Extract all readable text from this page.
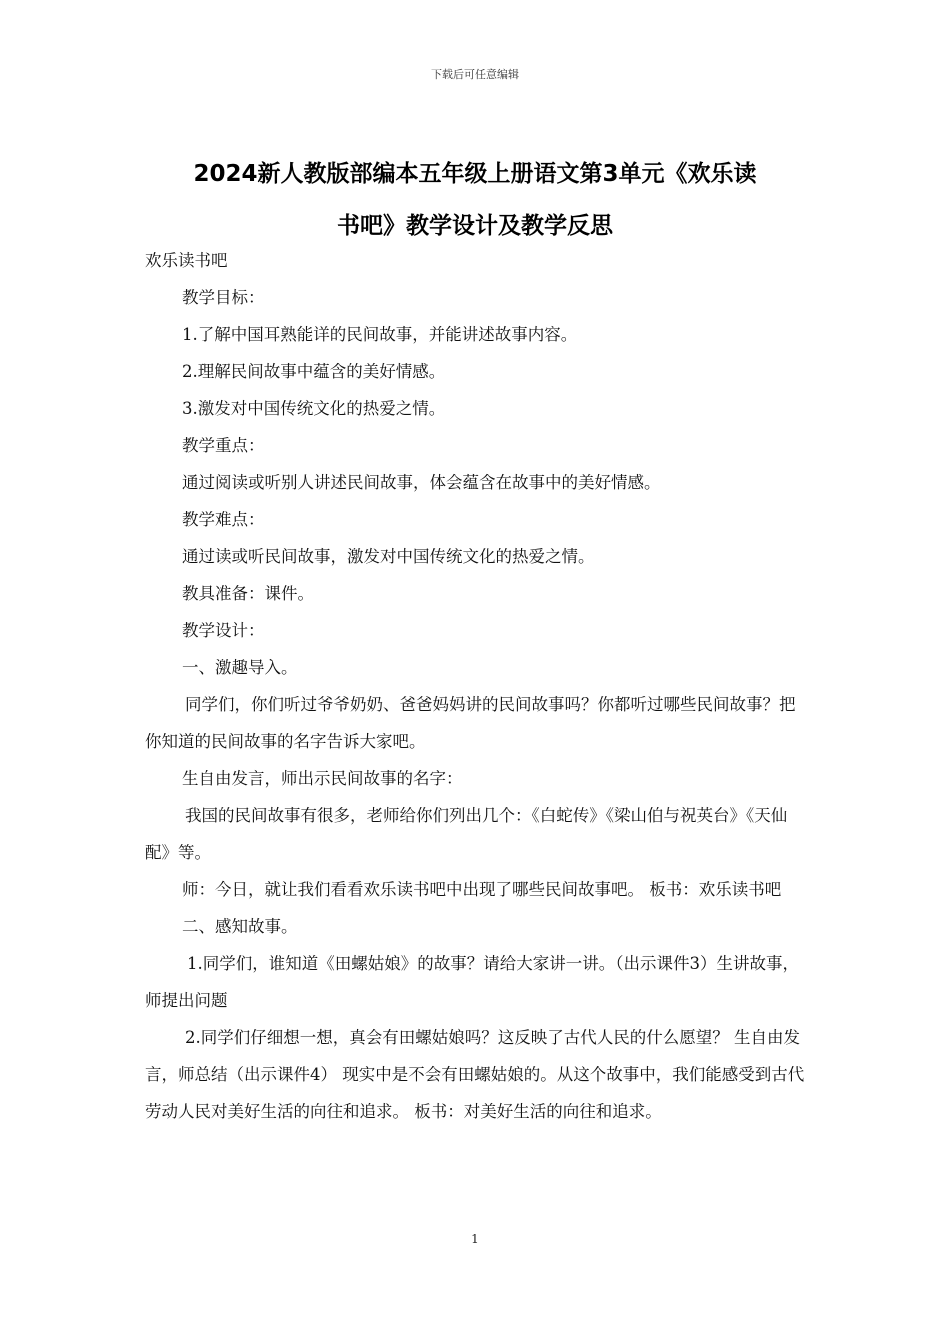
下载后可任意编辑
2024新人教版部编本五年级上册语文第3单元《欢乐读
书吧》教学设计及教学反思

欢乐读书吧

教学目标：

1.了解中国耳熟能详的民间故事，并能讲述故事内容。

2.理解民间故事中蕴含的美好情感。

3.激发对中国传统文化的热爱之情。

教学重点：

通过阅读或听别人讲述民间故事，体会蕴含在故事中的美好情感。

教学难点：

通过读或听民间故事，激发对中国传统文化的热爱之情。

教具准备：课件。

教学设计：

一、激趣导入。

同学们，你们听过爷爷奶奶、爸爸妈妈讲的民间故事吗？你都听过哪些民间故事？把你知道的民间故事的名字告诉大家吧。

生自由发言，师出示民间故事的名字：

我国的民间故事有很多，老师给你们列出几个：《白蛇传》《梁山伯与祝英台》《天仙配》等。

师：今日，就让我们看看欢乐读书吧中出现了哪些民间故事吧。 板书：欢乐读书吧

二、感知故事。

1.同学们，谁知道《田螺姑娘》的故事？请给大家讲一讲。（出示课件3）生讲故事，师提出问题

2.同学们仔细想一想，真会有田螺姑娘吗？这反映了古代人民的什么愿望？ 生自由发言，师总结（出示课件4） 现实中是不会有田螺姑娘的。从这个故事中，我们能感受到古代劳动人民对美好生活的向往和追求。 板书：对美好生活的向往和追求。

1
